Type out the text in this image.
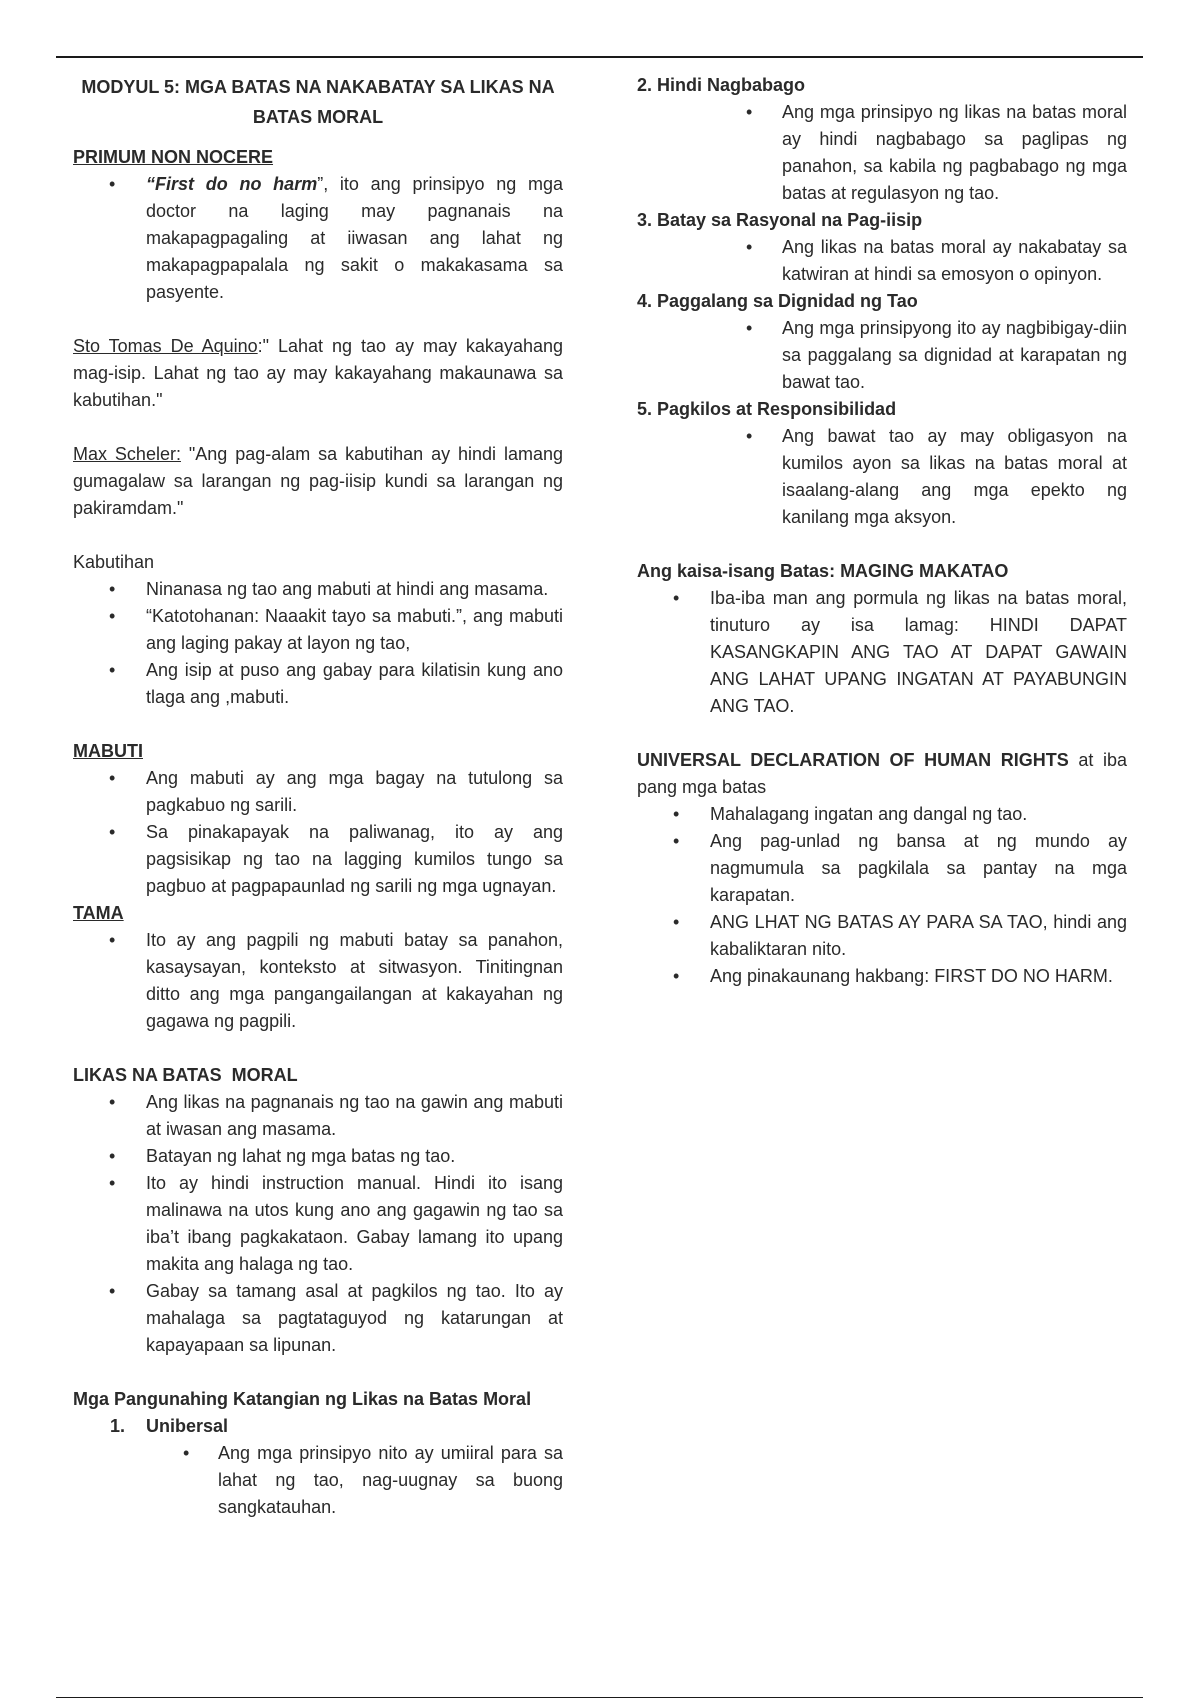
MODYUL 5: MGA BATAS NA NAKABATAY SA LIKAS NA BATAS MORAL
PRIMUM NON NOCERE
• “First do no harm”, ito ang prinsipyo ng mga doctor na laging may pagnanais na makapagpagaling at iiwasan ang lahat ng makapagpapalala ng sakit o makakasama sa pasyente.

Sto Tomas De Aquino:" Lahat ng tao ay may kakayahang mag-isip. Lahat ng tao ay may kakayahang makaunawa sa kabutihan."

Max Scheler: "Ang pag-alam sa kabutihan ay hindi lamang gumagalaw sa larangan ng pag-iisip kundi sa larangan ng pakiramdam."

Kabutihan
• Ninanasa ng tao ang mabuti at hindi ang masama.
• “Katotohanan: Naaakit tayo sa mabuti.”, ang mabuti ang laging pakay at layon ng tao,
• Ang isip at puso ang gabay para kilatisin kung ano tlaga ang ,mabuti.
MABUTI
• Ang mabuti ay ang mga bagay na tutulong sa pagkabuo ng sarili.
• Sa pinakapayak na paliwanag, ito ay ang pagsisikap ng tao na lagging kumilos tungo sa pagbuo at pagpapaunlad ng sarili ng mga ugnayan.
TAMA
• Ito ay ang pagpili ng mabuti batay sa panahon, kasaysayan, konteksto at sitwasyon. Tinitingnan ditto ang mga pangangailangan at kakayahan ng gagawa ng pagpili.
LIKAS NA BATAS  MORAL
• Ang likas na pagnanais ng tao na gawin ang mabuti at iwasan ang masama.
• Batayan ng lahat ng mga batas ng tao.
• Ito ay hindi instruction manual. Hindi ito isang malinawa na utos kung ano ang gagawin ng tao sa iba’t ibang pagkakataon. Gabay lamang ito upang makita ang halaga ng tao.
• Gabay sa tamang asal at pagkilos ng tao. Ito ay mahalaga sa pagtataguyod ng katarungan at kapayapaan sa lipunan.
Mga Pangunahing Katangian ng Likas na Batas Moral
1. Unibersal
• Ang mga prinsipyo nito ay umiiral para sa lahat ng tao, nag-uugnay sa buong sangkatauhan.
2. Hindi Nagbabago
• Ang mga prinsipyo ng likas na batas moral ay hindi nagbabago sa paglipas ng panahon, sa kabila ng pagbabago ng mga batas at regulasyon ng tao.
3. Batay sa Rasyonal na Pag-iisip
• Ang likas na batas moral ay nakabatay sa katwiran at hindi sa emosyon o opinyon.
4. Paggalang sa Dignidad ng Tao
• Ang mga prinsipyong ito ay nagbibigay-diin sa paggalang sa dignidad at karapatan ng bawat tao.
5. Pagkilos at Responsibilidad
• Ang bawat tao ay may obligasyon na kumilos ayon sa likas na batas moral at isaalang-alang ang mga epekto ng kanilang mga aksyon.
Ang kaisa-isang Batas: MAGING MAKATAO
• Iba-iba man ang pormula ng likas na batas moral, tinuturo ay isa lamag: HINDI DAPAT KASANGKAPIN ANG TAO AT DAPAT GAWAIN ANG LAHAT UPANG INGATAN AT PAYABUNGIN ANG TAO.

UNIVERSAL DECLARATION OF HUMAN RIGHTS at iba pang mga batas

• Mahalagang ingatan ang dangal ng tao.
• Ang pag-unlad ng bansa at ng mundo ay nagmumula sa pagkilala sa pantay na mga karapatan.
• ANG LHAT NG BATAS AY PARA SA TAO, hindi ang kabaliktaran nito.
• Ang pinakaunang hakbang: FIRST DO NO HARM.
